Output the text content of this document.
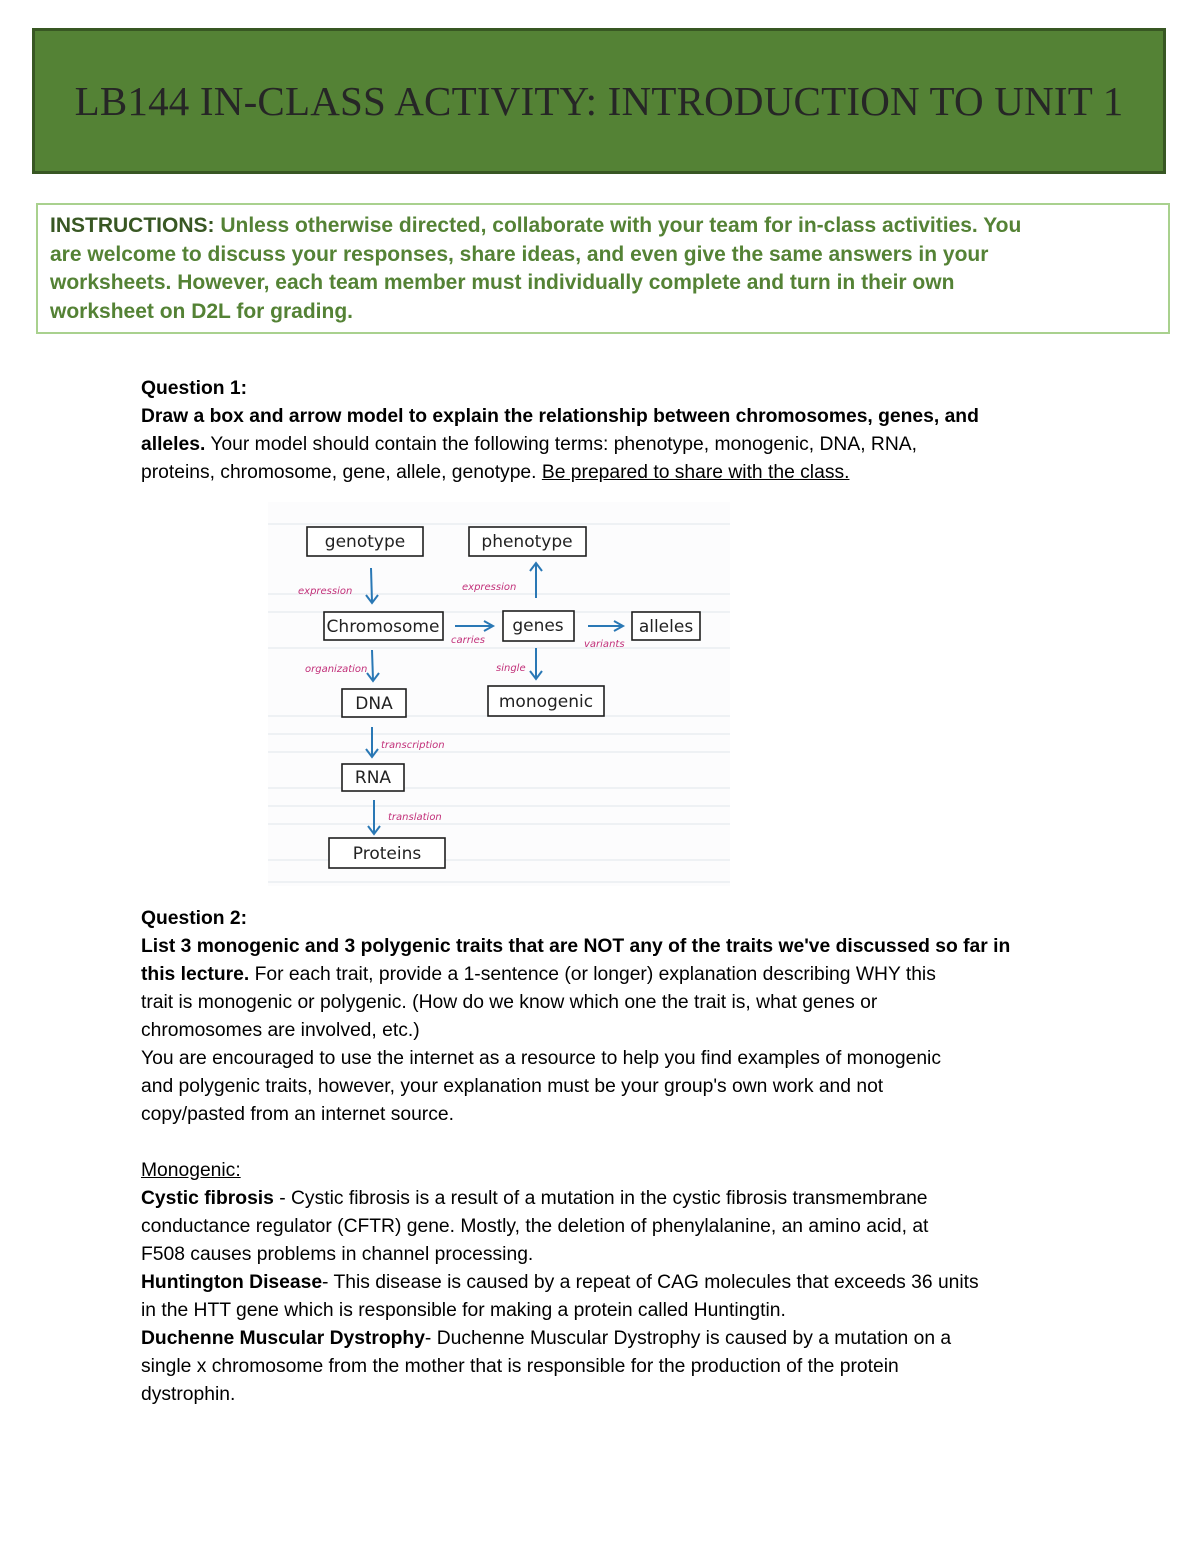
LB144 IN-CLASS ACTIVITY: INTRODUCTION TO UNIT 1
INSTRUCTIONS: Unless otherwise directed, collaborate with your team for in-class activities. You
are welcome to discuss your responses, share ideas, and even give the same answers in your
worksheets. However, each team member must individually complete and turn in their own
worksheet on D2L for grading.

Question 1:

Draw a box and arrow model to explain the relationship between chromosomes, genes, and

alleles. Your model should contain the following terms: phenotype, monogenic, DNA, RNA,

proteins, chromosome, gene, allele, genotype. Be prepared to share with the class.

genotype	phenotype
Chromosome	genes	alleles
DNA	monogenic
RNA
Proteins
expression	expression
carries	variants
organization	single
transcription
translation

Question 2:

List 3 monogenic and 3 polygenic traits that are NOT any of the traits we've discussed so far in

this lecture. For each trait, provide a 1-sentence (or longer) explanation describing WHY this

trait is monogenic or polygenic. (How do we know which one the trait is, what genes or

chromosomes are involved, etc.)

You are encouraged to use the internet as a resource to help you find examples of monogenic

and polygenic traits, however, your explanation must be your group's own work and not

copy/pasted from an internet source.

Monogenic:

Cystic fibrosis - Cystic fibrosis is a result of a mutation in the cystic fibrosis transmembrane

conductance regulator (CFTR) gene. Mostly, the deletion of phenylalanine, an amino acid, at

F508 causes problems in channel processing.

Huntington Disease- This disease is caused by a repeat of CAG molecules that exceeds 36 units

in the HTT gene which is responsible for making a protein called Huntingtin.

Duchenne Muscular Dystrophy- Duchenne Muscular Dystrophy is caused by a mutation on a

single x chromosome from the mother that is responsible for the production of the protein

dystrophin.
